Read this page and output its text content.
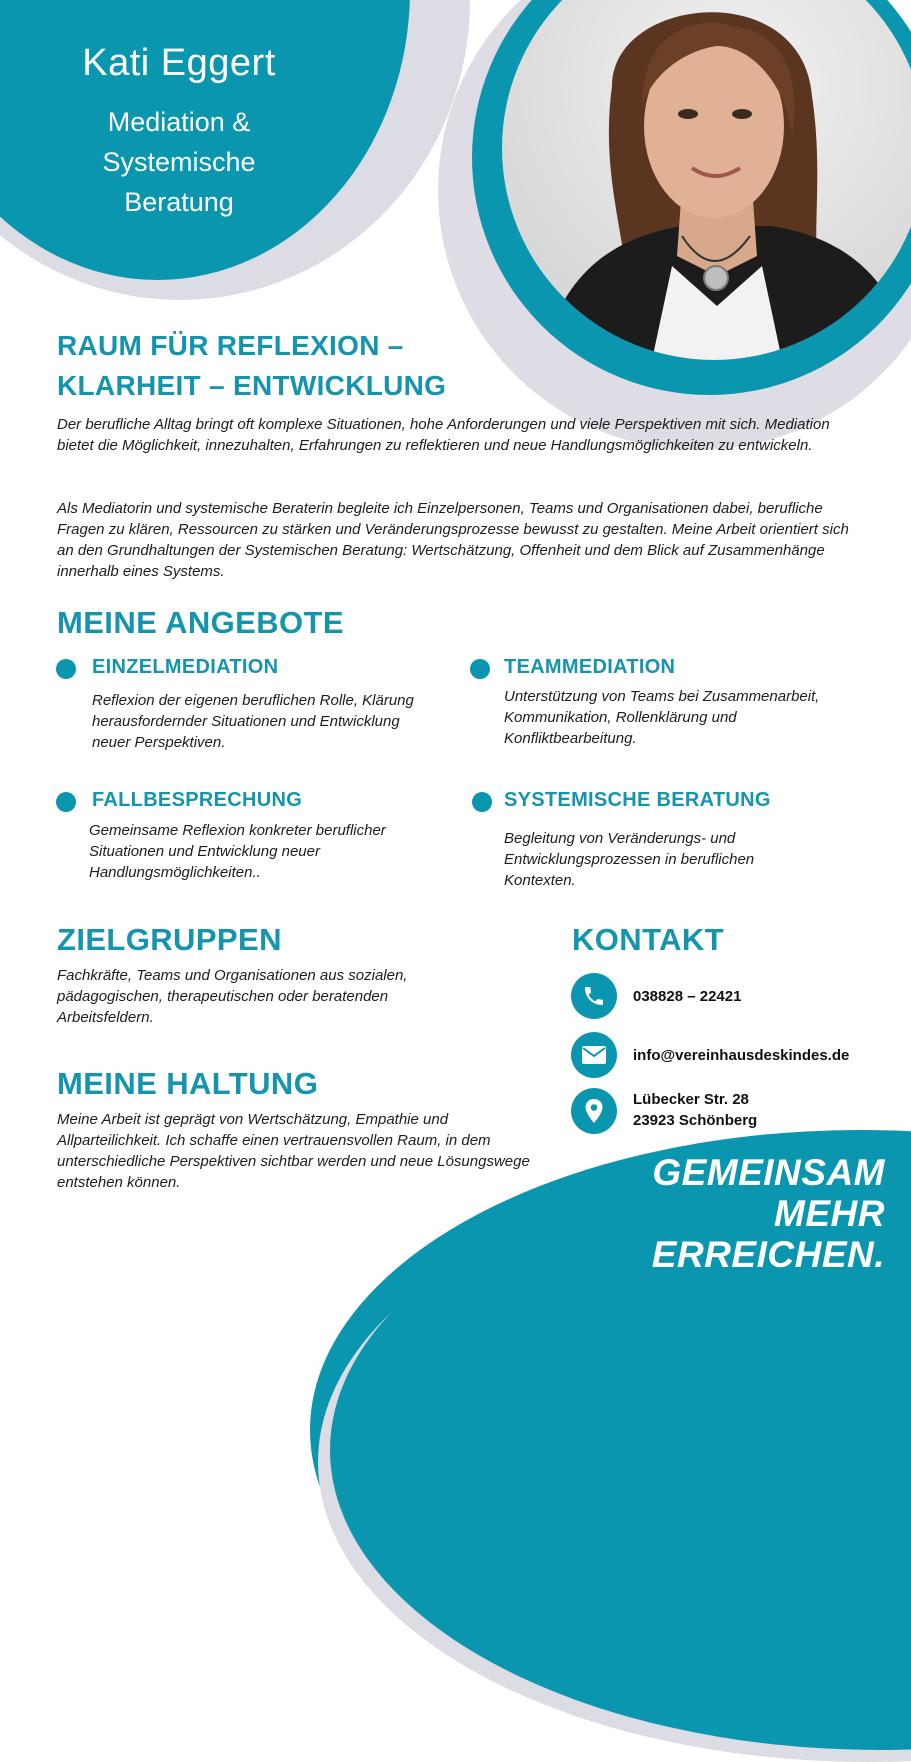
Kati Eggert
Mediation &
Systemische
Beratung
RAUM FÜR REFLEXION –
KLARHEIT – ENTWICKLUNG
Der berufliche Alltag bringt oft komplexe Situationen, hohe Anforderungen und viele Perspektiven mit sich. Mediation bietet die Möglichkeit, innezuhalten, Erfahrungen zu reflektieren und neue Handlungsmöglichkeiten zu entwickeln.
Als Mediatorin und systemische Beraterin begleite ich Einzelpersonen, Teams und Organisationen dabei, berufliche Fragen zu klären, Ressourcen zu stärken und Veränderungsprozesse bewusst zu gestalten. Meine Arbeit orientiert sich an den Grundhaltungen der Systemischen Beratung: Wertschätzung, Offenheit und dem Blick auf Zusammenhänge innerhalb eines Systems.
MEINE ANGEBOTE
EINZELMEDIATION
Reflexion der eigenen beruflichen Rolle, Klärung herausfordernder Situationen und Entwicklung neuer Perspektiven.
TEAMMEDIATION
Unterstützung von Teams bei Zusammenarbeit, Kommunikation, Rollenklärung und Konfliktbearbeitung.
FALLBESPRECHUNG
Gemeinsame Reflexion konkreter beruflicher Situationen und Entwicklung neuer Handlungsmöglichkeiten..
SYSTEMISCHE BERATUNG
Begleitung von Veränderungs- und Entwicklungsprozessen in beruflichen Kontexten.
ZIELGRUPPEN
Fachkräfte, Teams und Organisationen aus sozialen, pädagogischen, therapeutischen oder beratenden Arbeitsfeldern.
MEINE HALTUNG
Meine Arbeit ist geprägt von Wertschätzung, Empathie und Allparteilichkeit. Ich schaffe einen vertrauensvollen Raum, in dem unterschiedliche Perspektiven sichtbar werden und neue Lösungswege entstehen können.
KONTAKT
038828 – 22421
info@vereinhausdeskindes.de
Lübecker Str. 28
23923 Schönberg
GEMEINSAM
MEHR
ERREICHEN.
